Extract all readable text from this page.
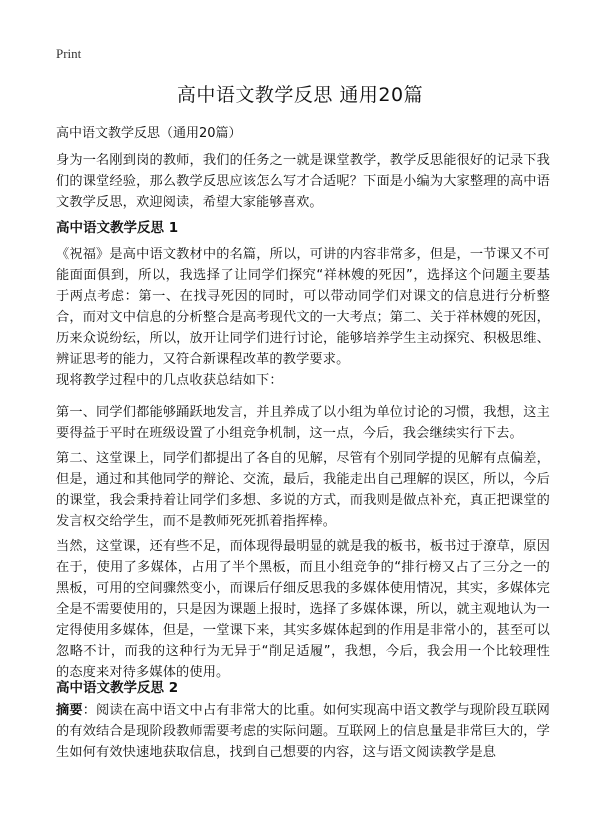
Print
高中语文教学反思 通用20篇
高中语文教学反思（通用20篇）

身为一名刚到岗的教师，我们的任务之一就是课堂教学，教学反思能很好的记录下我们的课堂经验，那么教学反思应该怎么写才合适呢？下面是小编为大家整理的高中语文教学反思，欢迎阅读，希望大家能够喜欢。

高中语文教学反思 1

《祝福》是高中语文教材中的名篇，所以，可讲的内容非常多，但是，一节课又不可能面面俱到，所以，我选择了让同学们探究“祥林嫂的死因”，选择这个问题主要基于两点考虑：第一、在找寻死因的同时，可以带动同学们对课文的信息进行分析整合，而对文中信息的分析整合是高考现代文的一大考点；第二、关于祥林嫂的死因，历来众说纷纭，所以，放开让同学们进行讨论，能够培养学生主动探究、积极思维、辨证思考的能力，又符合新课程改革的教学要求。

现将教学过程中的几点收获总结如下：

第一、同学们都能够踊跃地发言，并且养成了以小组为单位讨论的习惯，我想，这主要得益于平时在班级设置了小组竞争机制，这一点，今后，我会继续实行下去。

第二、这堂课上，同学们都提出了各自的见解，尽管有个别同学提的见解有点偏差，但是，通过和其他同学的辩论、交流，最后，我能走出自己理解的误区，所以，今后的课堂，我会秉持着让同学们多想、多说的方式，而我则是做点补充，真正把课堂的发言权交给学生，而不是教师死死抓着指挥棒。

当然，这堂课，还有些不足，而体现得最明显的就是我的板书，板书过于潦草，原因在于，使用了多媒体，占用了半个黑板，而且小组竞争的“排行榜又占了三分之一的黑板，可用的空间骤然变小，而课后仔细反思我的多媒体使用情况，其实，多媒体完全是不需要使用的，只是因为课题上报时，选择了多媒体课，所以，就主观地认为一定得使用多媒体，但是，一堂课下来，其实多媒体起到的作用是非常小的，甚至可以忽略不计，而我的这种行为无异于“削足适履”，我想，今后，我会用一个比较理性的态度来对待多媒体的使用。

高中语文教学反思 2

摘要：阅读在高中语文中占有非常大的比重。如何实现高中语文教学与现阶段互联网的有效结合是现阶段教师需要考虑的实际问题。互联网上的信息量是非常巨大的，学生如何有效快速地获取信息，找到自己想要的内容，这与语文阅读教学是息
